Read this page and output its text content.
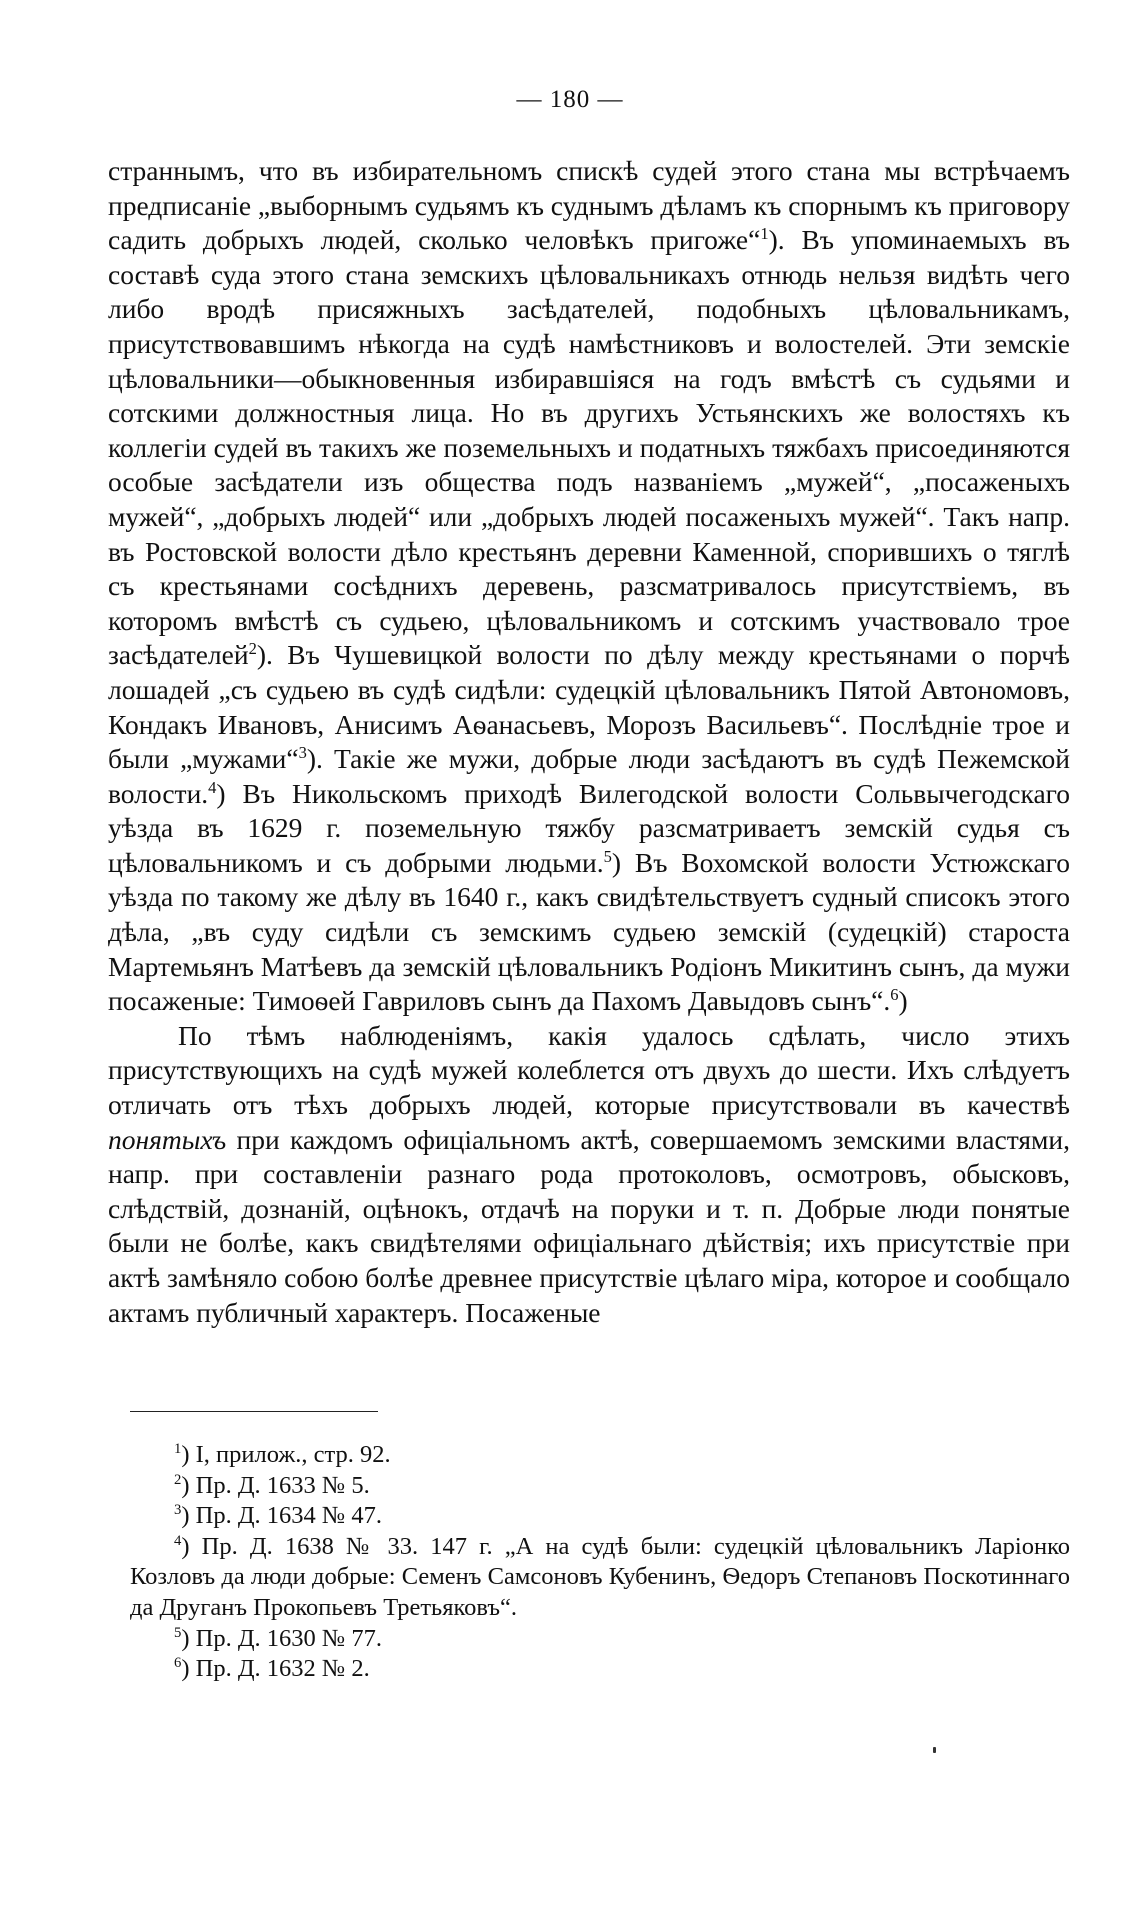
— 180 —

страннымъ, что въ избирательномъ спискѣ судей этого стана мы встрѣчаемъ предписаніе „выборнымъ судьямъ къ суднымъ дѣламъ къ спорнымъ къ приговору садить добрыхъ людей, сколько человѣкъ пригоже“$^1$). Въ упоминаемыхъ въ составѣ суда этого стана земскихъ цѣловальникахъ отнюдь нельзя видѣть чего либо вродѣ присяжныхъ засѣдателей, подобныхъ цѣловальникамъ, присутствовавшимъ нѣкогда на судѣ намѣстниковъ и волостелей. Эти земскіе цѣловальники—обыкновенныя избиравшіяся на годъ вмѣстѣ съ судьями и сотскими должностныя лица. Но въ другихъ Устьянскихъ же волостяхъ къ коллегіи судей въ такихъ же поземельныхъ и податныхъ тяжбахъ присоединяются особые засѣдатели изъ общества подъ названіемъ „мужей“, „посаженыхъ мужей“, „добрыхъ людей“ или „добрыхъ людей посаженыхъ мужей“. Такъ напр. въ Ростовской волости дѣло крестьянъ деревни Каменной, спорившихъ о тяглѣ съ крестьянами сосѣднихъ деревень, разсматривалось присутствіемъ, въ которомъ вмѣстѣ съ судьею, цѣловальникомъ и сотскимъ участвовало трое засѣдателей$^2$). Въ Чушевицкой волости по дѣлу между крестьянами о порчѣ лошадей „съ судьею въ судѣ сидѣли: судецкій цѣловальникъ Пятой Автономовъ, Кондакъ Ивановъ, Анисимъ Аѳанасьевъ, Морозъ Васильевъ“. Послѣдніе трое и были „мужами“$^3$). Такіе же мужи, добрые люди засѣдаютъ въ судѣ Пежемской волости.$^4$) Въ Никольскомъ приходѣ Вилегодской волости Сольвычегодскаго уѣзда въ 1629 г. поземельную тяжбу разсматриваетъ земскій судья съ цѣловальникомъ и съ добрыми людьми.$^5$) Въ Вохомской волости Устюжскаго уѣзда по такому же дѣлу въ 1640 г., какъ свидѣтельствуетъ судный списокъ этого дѣла, „въ суду сидѣли съ земскимъ судьею земскій (судецкій) староста Мартемьянъ Матѣевъ да земскій цѣловальникъ Родіонъ Микитинъ сынъ, да мужи посаженые: Тимоѳей Гавриловъ сынъ да Пахомъ Давыдовъ сынъ“.$^6$)

По тѣмъ наблюденіямъ, какія удалось сдѣлать, число этихъ присутствующихъ на судѣ мужей колеблется отъ двухъ до шести. Ихъ слѣдуетъ отличать отъ тѣхъ добрыхъ людей, которые присутствовали въ качествѣ понятыхъ при каждомъ офиціальномъ актѣ, совершаемомъ земскими властями, напр. при составленіи разнаго рода протоколовъ, осмотровъ, обысковъ, слѣдствій, дознаній, оцѣнокъ, отдачѣ на поруки и т. п. Добрые люди понятые были не болѣе, какъ свидѣтелями офиціальнаго дѣйствія; ихъ присутствіе при актѣ замѣняло собою болѣе древнее присутствіе цѣлаго міра, которое и сообщало актамъ публичный характеръ. Посаженые

$^1$) I, прилож., стр. 92.

$^2$) Пр. Д. 1633 № 5.

$^3$) Пр. Д. 1634 № 47.

$^4$) Пр. Д. 1638 № 33. 147 г. „А на судѣ были: судецкій цѣловальникъ Ларіонко Козловъ да люди добрые: Семенъ Самсоновъ Кубенинъ, Ѳедоръ Степановъ Поскотиннаго да Друганъ Прокопьевъ Третьяковъ“.

$^5$) Пр. Д. 1630 № 77.

$^6$) Пр. Д. 1632 № 2.
